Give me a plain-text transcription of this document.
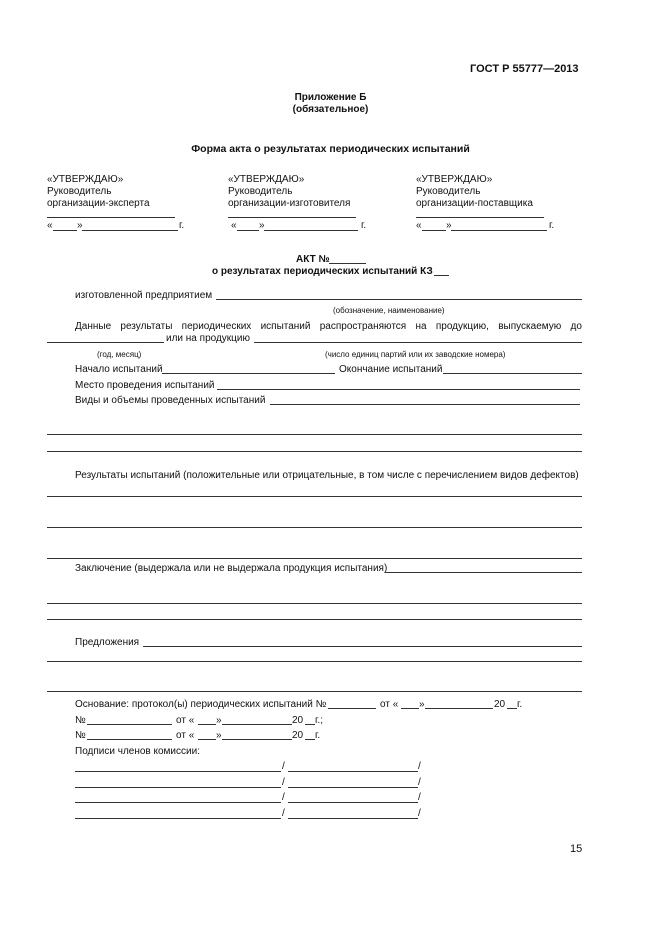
ГОСТ Р 55777—2013
Приложение Б
(обязательное)
Форма акта о результатах периодических испытаний
«УТВЕРЖДАЮ»
Руководитель
организации-эксперта
« »	г.
«УТВЕРЖДАЮ»
Руководитель
организации-изготовителя
« »	г.
«УТВЕРЖДАЮ»
Руководитель
организации-поставщика
« »	г.
АКТ №
о результатах периодических испытаний КЗ
изготовленной предприятием
(обозначение, наименование)
Данные результаты периодических испытаний распространяются на продукцию, выпускаемую до
или на продукцию
(год, месяц)	(число единиц партий или их заводские номера)
Начало испытаний	Окончание испытаний
Место проведения испытаний
Виды и объемы проведенных испытаний
Результаты испытаний (положительные или отрицательные, в том числе с перечислением видов дефектов)
Заключение (выдержала или не выдержала продукция испытания)
Предложения
Основание: протокол(ы) периодических испытаний №	от « »	20 г.
№	от « »	20 г.;
№	от « »	20 г.
Подписи членов комиссии:
/	/
/	/
/	/
/	/
15
